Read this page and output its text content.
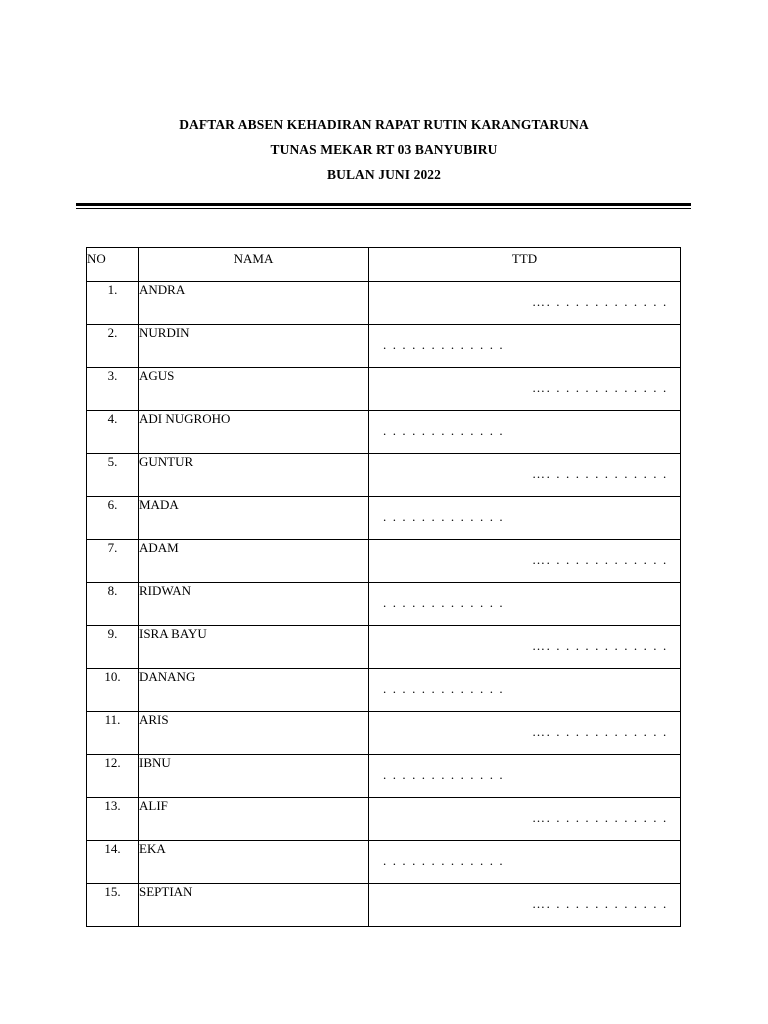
DAFTAR ABSEN KEHADIRAN RAPAT RUTIN KARANGTARUNA
TUNAS MEKAR RT 03 BANYUBIRU
BULAN JUNI 2022
NO	NAMA	TTD
1.	ANDRA	…. . . . . . . . . . . . .

2.	NURDIN	. . . . . . . . . . . . .

3.	AGUS	…. . . . . . . . . . . . .

4.	ADI NUGROHO	. . . . . . . . . . . . .

5.	GUNTUR	…. . . . . . . . . . . . .

6.	MADA	. . . . . . . . . . . . .

7.	ADAM	…. . . . . . . . . . . . .

8.	RIDWAN	. . . . . . . . . . . . .

9.	ISRA BAYU	…. . . . . . . . . . . . .

10.	DANANG	. . . . . . . . . . . . .

11.	ARIS	…. . . . . . . . . . . . .

12.	IBNU	. . . . . . . . . . . . .

13.	ALIF	…. . . . . . . . . . . . .

14.	EKA	. . . . . . . . . . . . .

15.	SEPTIAN	…. . . . . . . . . . . . .
